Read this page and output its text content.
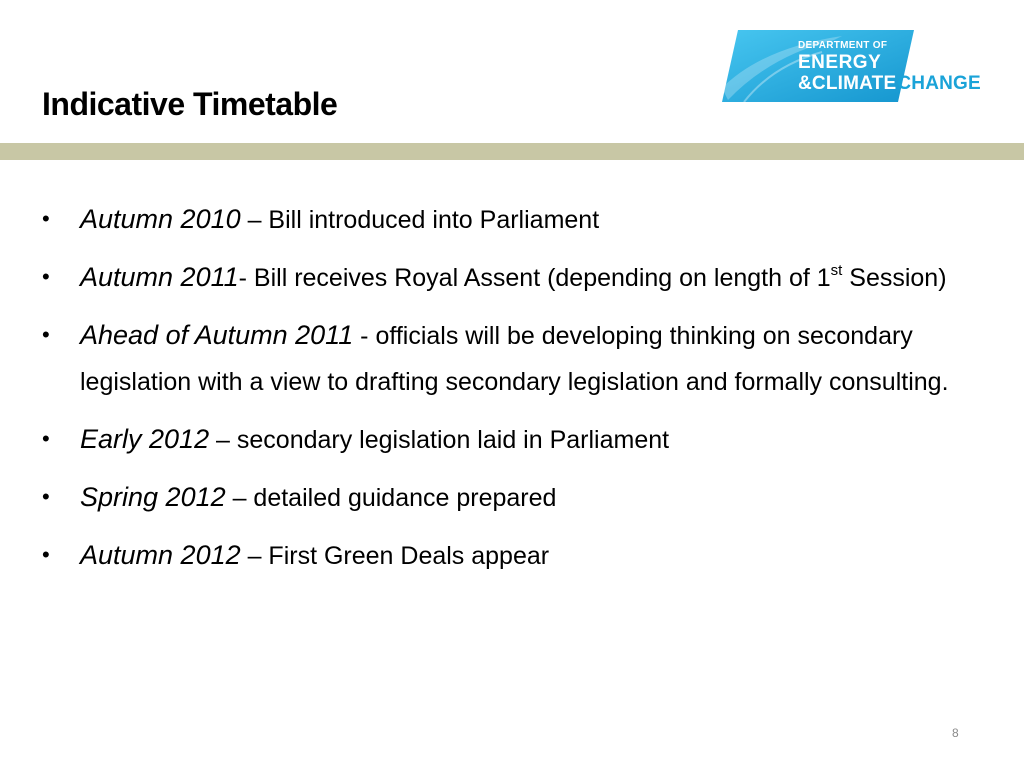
Indicative Timetable
DEPARTMENT OF
ENERGY
&CLIMATECHANGE
• Autumn 2010 – Bill introduced into Parliament
• Autumn 2011- Bill receives Royal Assent (depending on length of 1st Session)
• Ahead of Autumn 2011 - officials will be developing thinking on secondary legislation with a view to drafting secondary legislation and formally consulting.
• Early 2012 – secondary legislation laid in Parliament
• Spring 2012 – detailed guidance prepared
• Autumn 2012 – First Green Deals appear
8
